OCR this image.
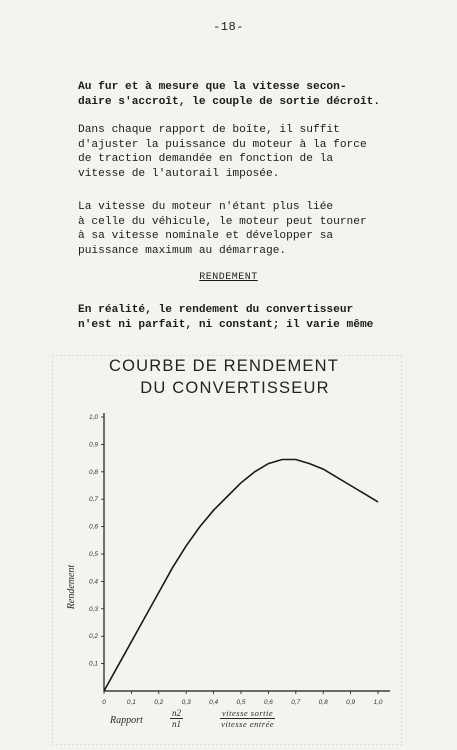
-18-

Au fur et à mesure que la vitesse secon-
daire s'accroît, le couple de sortie décroît.

Dans chaque rapport de boîte, il suffit
d'ajuster la puissance du moteur à la force
de traction demandée en fonction de la
vitesse de l'autorail imposée.

La vitesse du moteur n'étant plus liée
à celle du véhicule, le moteur peut tourner
à sa vitesse nominale et développer sa
puissance maximum au démarrage.

RENDEMENT

En réalité, le rendement du convertisseur
n'est ni parfait, ni constant; il varie même

COURBE DE RENDEMENT
DU CONVERTISSEUR
0,1
0,2
0,3
0,4
0,5
0,6
0,7
0,8
0,9
1,0
0	0,1	0,2	0,3	0,4	0,5	0,6	0,7	0,8	0,9	1,0
Rendement
Rapport	$\frac{n2}{n1}$	vitesse sortie
vitesse entrée
